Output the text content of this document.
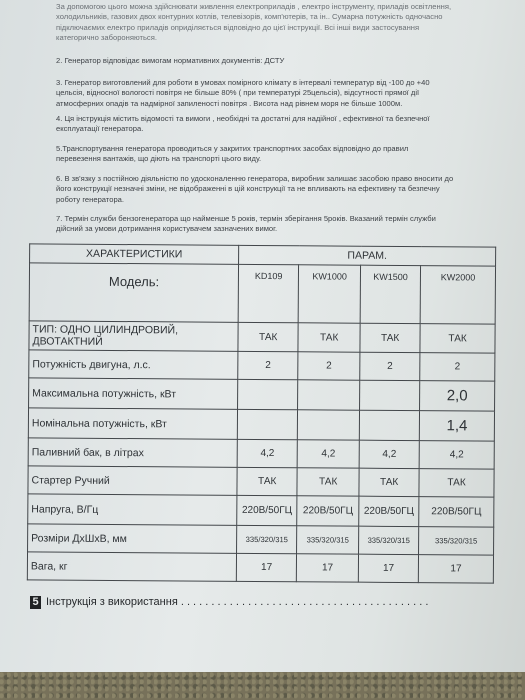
За допомогою цього можна здійснювати живлення електроприладів , електро інструменту, приладів освітлення,
холодильників, газових двох контурних котлів, телевізорів, комп'ютерів, та ін.. Сумарна потужність одночасно
підключаємих електро приладів оприділяється відповідно до цієї інструкції. Всі інші види застосування
категорично забороняються.
2. Генератор відповідає вимогам нормативних документів: ДСТУ
3. Генератор виготовлений для роботи в умовах помірного клімату в інтервалі температур від -100 до +40
цельсія, відносної вологості повітря не більше 80% ( при температурі 25цельсія), відсутності прямої дії
атмосферних опадів та надмірної запиленості повітря . Висота над рівнем моря не більше 1000м.
4. Ця інструкція містить відомості та вимоги , необхідні та достатні для надійної , ефективної та безпечної
експлуатації генератора.
5.Транспортування генератора проводиться у закритих транспортних засобах відповідно до правил
перевезення вантажів, що діють на транспорті цього виду.
6. В зв'язку з постійною діяльністю по удосконаленню генератора, виробник залишає засобою право вносити до
його конструкції незначні зміни, не відображенні в цій конструкції та не впливають на ефективну та безпечну
роботу генератора.
7. Термін служби бензогенератора що найменше 5 років, термін зберігання 5років. Вказаний термін служби
дійсний за умови дотримання користувачем зазначених вимог.
ХАРАКТЕРИСТИКИ	ПАРАМ.			
Модель:	KD109	KW1000	KW1500	KW2000
ТИП: ОДНО ЦИЛИНДРОВИЙ, ДВОТАКТНИЙ	ТАК	ТАК	ТАК	ТАК
Потужність двигуна, л.с.	2	2	2	2
Максимальна потужність, кВт				2,0
Номінальна потужність, кВт				1,4
Паливний бак, в літрах	4,2	4,2	4,2	4,2
Стартер Ручний	ТАК	ТАК	ТАК	ТАК
Напруга, В/Гц	220В/50ГЦ	220В/50ГЦ	220В/50ГЦ	220В/50ГЦ
Розміри ДхШхВ, мм	335/320/315	335/320/315	335/320/315	335/320/315
Вага, кг	17	17	17	17
5 Інструкція з використання . . . . . . . . . . . . . . . . . . . . . . . . . . . . . . . . . . . . . . . . .
